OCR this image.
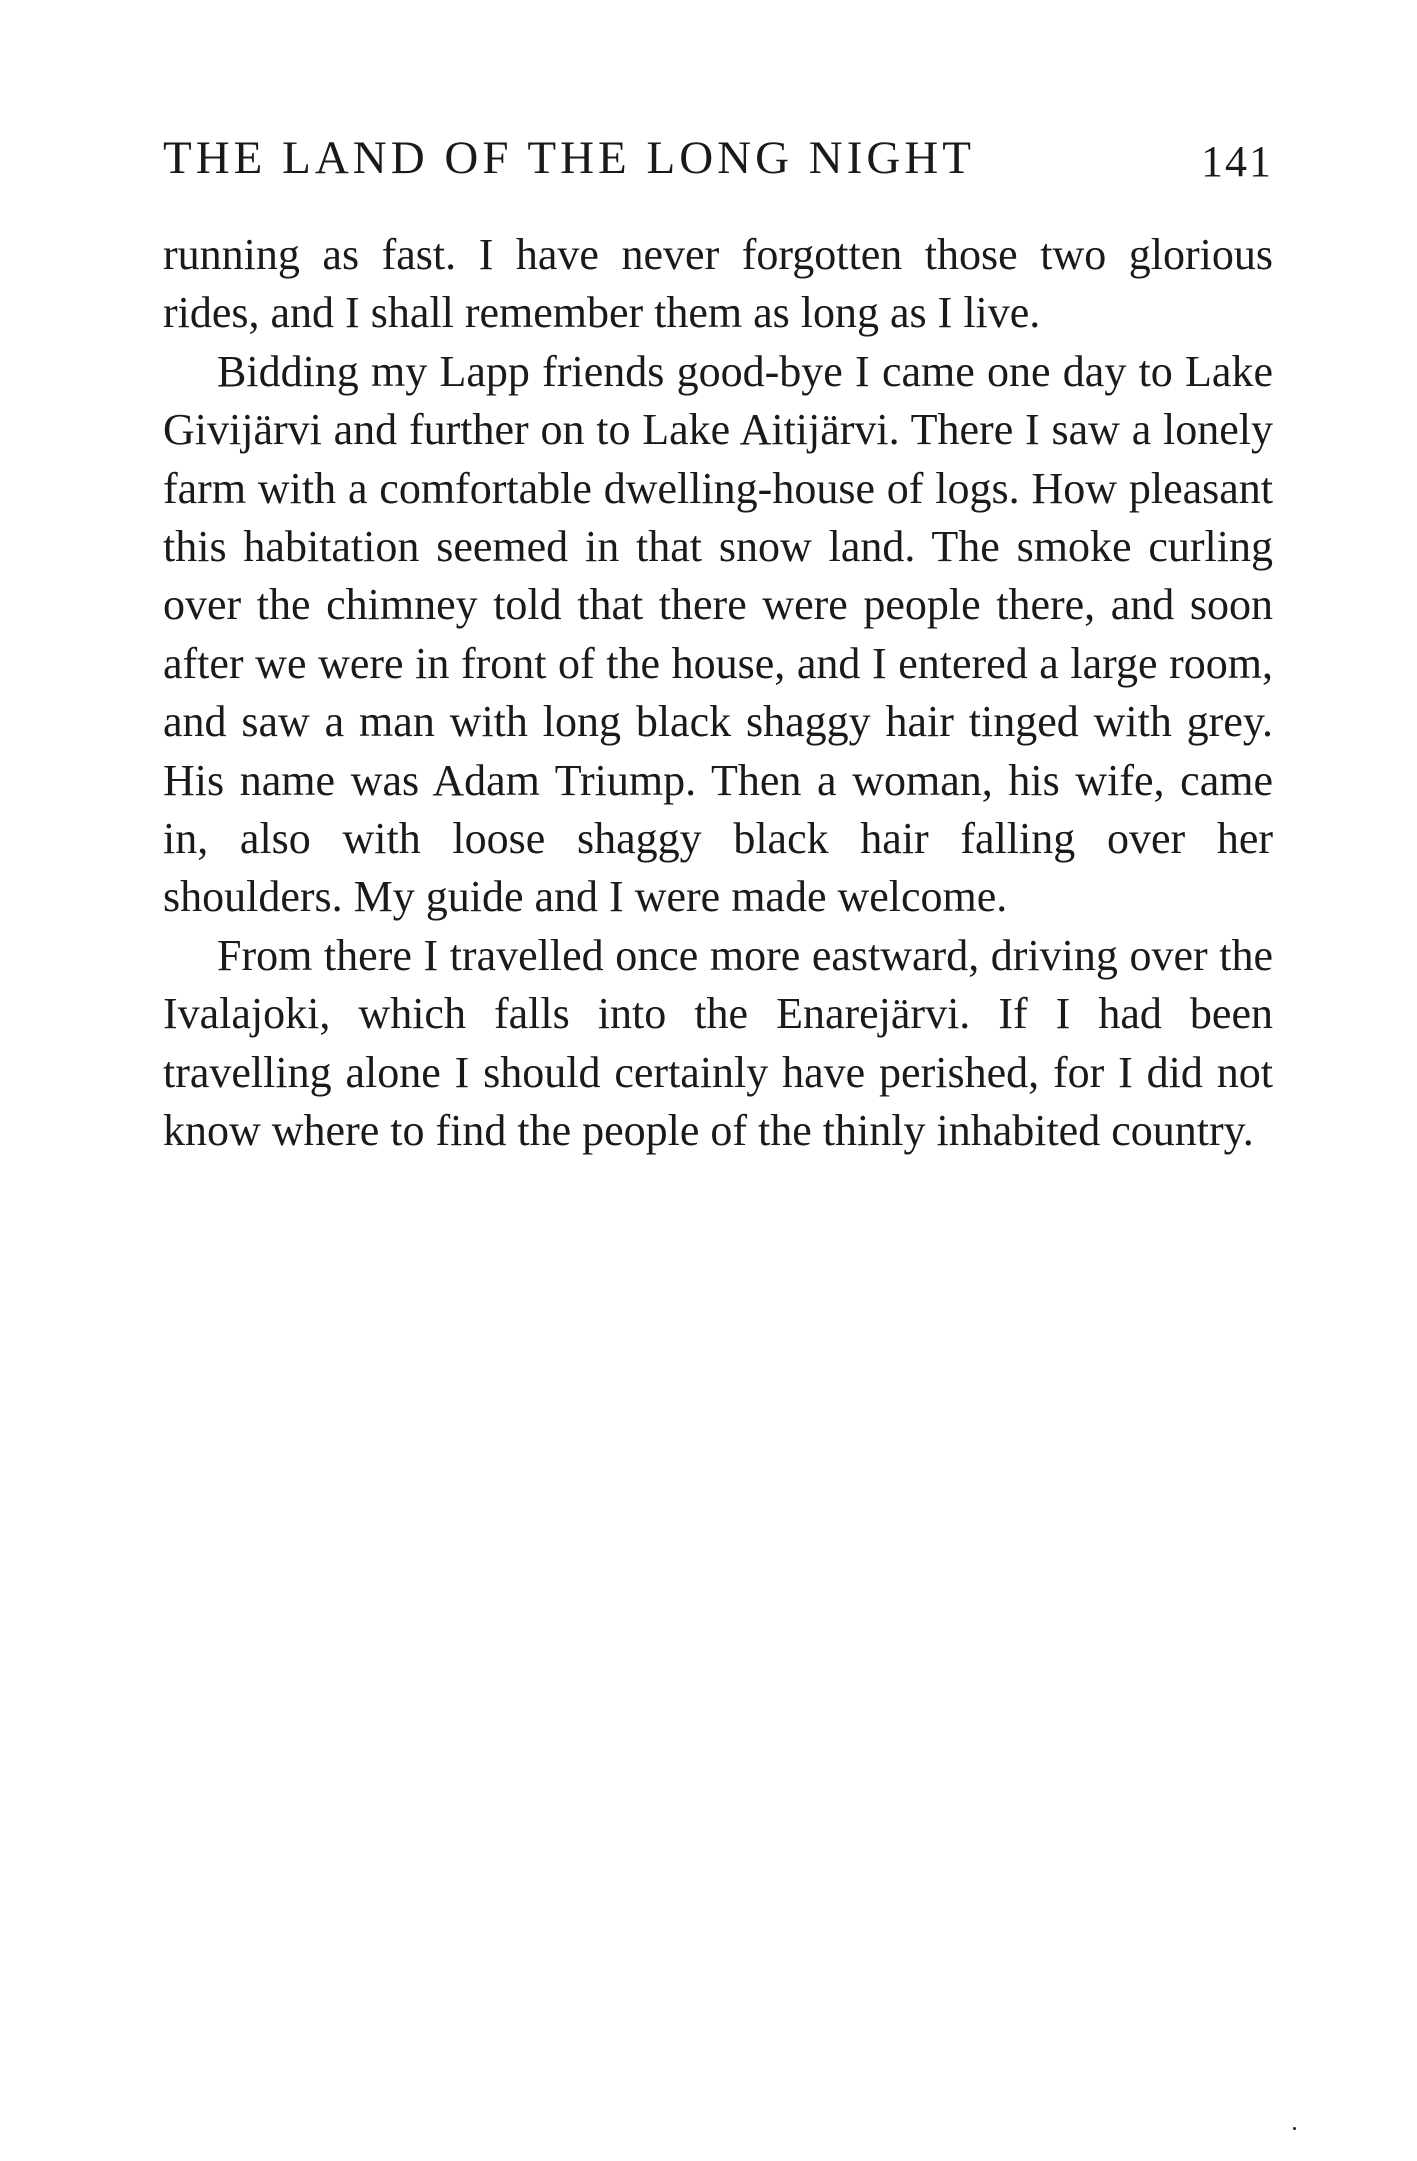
THE LAND OF THE LONG NIGHT	141

running as fast. I have never forgotten those two glorious rides, and I shall remember them as long as I live.

Bidding my Lapp friends good-bye I came one day to Lake Givijärvi and further on to Lake Aitijärvi. There I saw a lonely farm with a comfortable dwelling-house of logs. How pleasant this habitation seemed in that snow land. The smoke curling over the chimney told that there were people there, and soon after we were in front of the house, and I entered a large room, and saw a man with long black shaggy hair tinged with grey. His name was Adam Triump. Then a woman, his wife, came in, also with loose shaggy black hair falling over her shoulders. My guide and I were made welcome.

From there I travelled once more eastward, driving over the Ivalajoki, which falls into the Enarejärvi. If I had been travelling alone I should certainly have perished, for I did not know where to find the people of the thinly inhabited country.
